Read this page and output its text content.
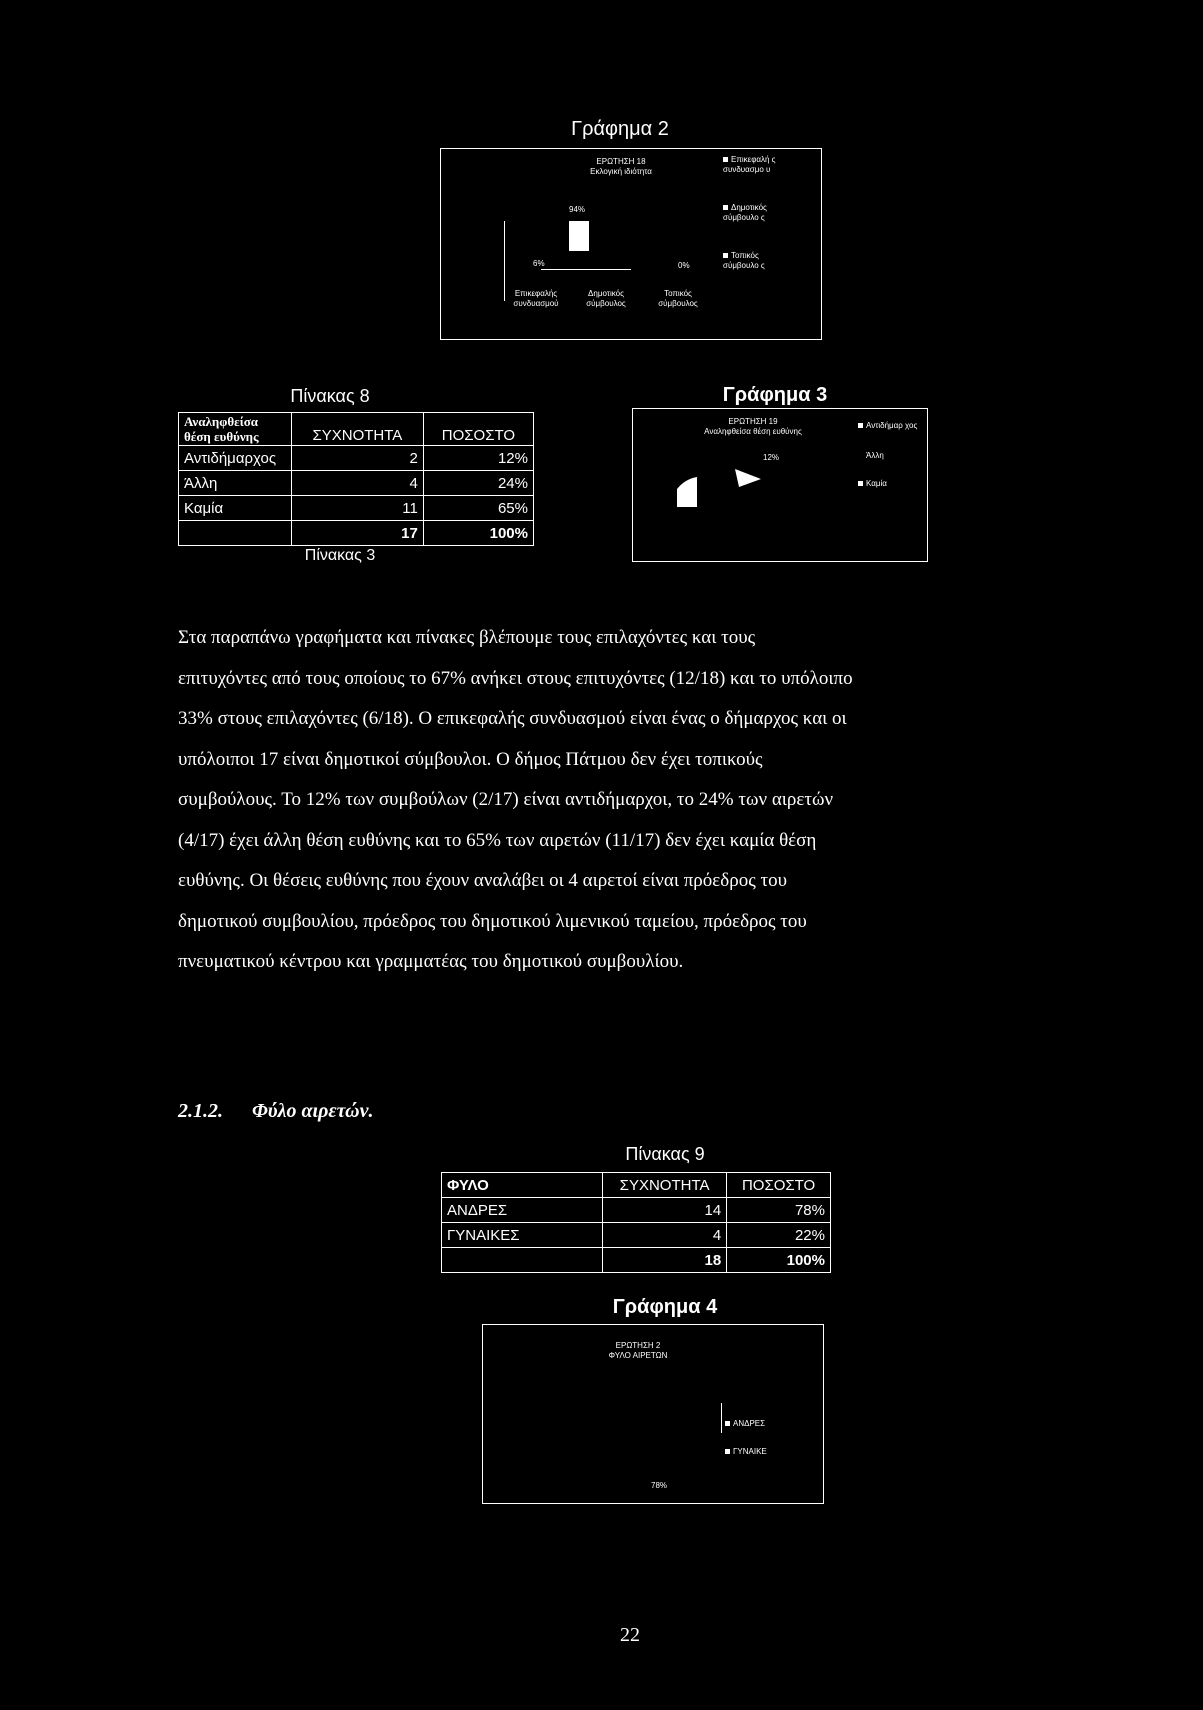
Γράφημα 2
ΕΡΩΤΗΣΗ 18
Εκλογική ιδιότητα
94%
6%	0%
Επικεφαλής συνδυασμού
Δημοτικός σύμβουλος
Τοπικός σύμβουλος
Επικεφαλή ς συνδυασμο υ
Δημοτικός σύμβουλο ς
Τοπικός σύμβουλο ς
Πίνακας 8
Αναληφθείσα θέση ευθύνης	ΣΥΧΝΟΤΗΤΑ	ΠΟΣΟΣΤΟ
Αντιδήμαρχος	2	12%
Άλλη	4	24%
Καμία	11	65%
	17	100%
Πίνακας 3
Γράφημα 3
ΕΡΩΤΗΣΗ 19
Αναληφθείσα θέση ευθύνης
12%
Αντιδήμαρ χος
Άλλη
Καμία
Στα παραπάνω γραφήματα και πίνακες βλέπουμε τους επιλαχόντες και τους
επιτυχόντες από τους οποίους το 67% ανήκει στους επιτυχόντες (12/18) και το υπόλοιπο
33% στους επιλαχόντες (6/18). Ο επικεφαλής συνδυασμού είναι ένας ο δήμαρχος και οι
υπόλοιποι 17 είναι δημοτικοί σύμβουλοι. Ο δήμος Πάτμου δεν έχει τοπικούς
συμβούλους. Το 12% των συμβούλων (2/17) είναι αντιδήμαρχοι, το 24% των αιρετών
(4/17) έχει άλλη θέση ευθύνης και το 65% των αιρετών (11/17) δεν έχει καμία θέση
ευθύνης. Οι θέσεις ευθύνης που έχουν αναλάβει οι 4 αιρετοί είναι πρόεδρος του
δημοτικού συμβουλίου, πρόεδρος του δημοτικού λιμενικού ταμείου, πρόεδρος του
πνευματικού κέντρου και γραμματέας του δημοτικού συμβουλίου.
2.1.2. Φύλο αιρετών.
Πίνακας 9
ΦΥΛΟ	ΣΥΧΝΟΤΗΤΑ	ΠΟΣΟΣΤΟ
ΑΝΔΡΕΣ	14	78%
ΓΥΝΑΙΚΕΣ	4	22%
	18	100%
Γράφημα 4
ΕΡΩΤΗΣΗ 2
ΦΥΛΟ ΑΙΡΕΤΩΝ
78%
ΑΝΔΡΕΣ
ΓΥΝΑΙΚΕ
22
